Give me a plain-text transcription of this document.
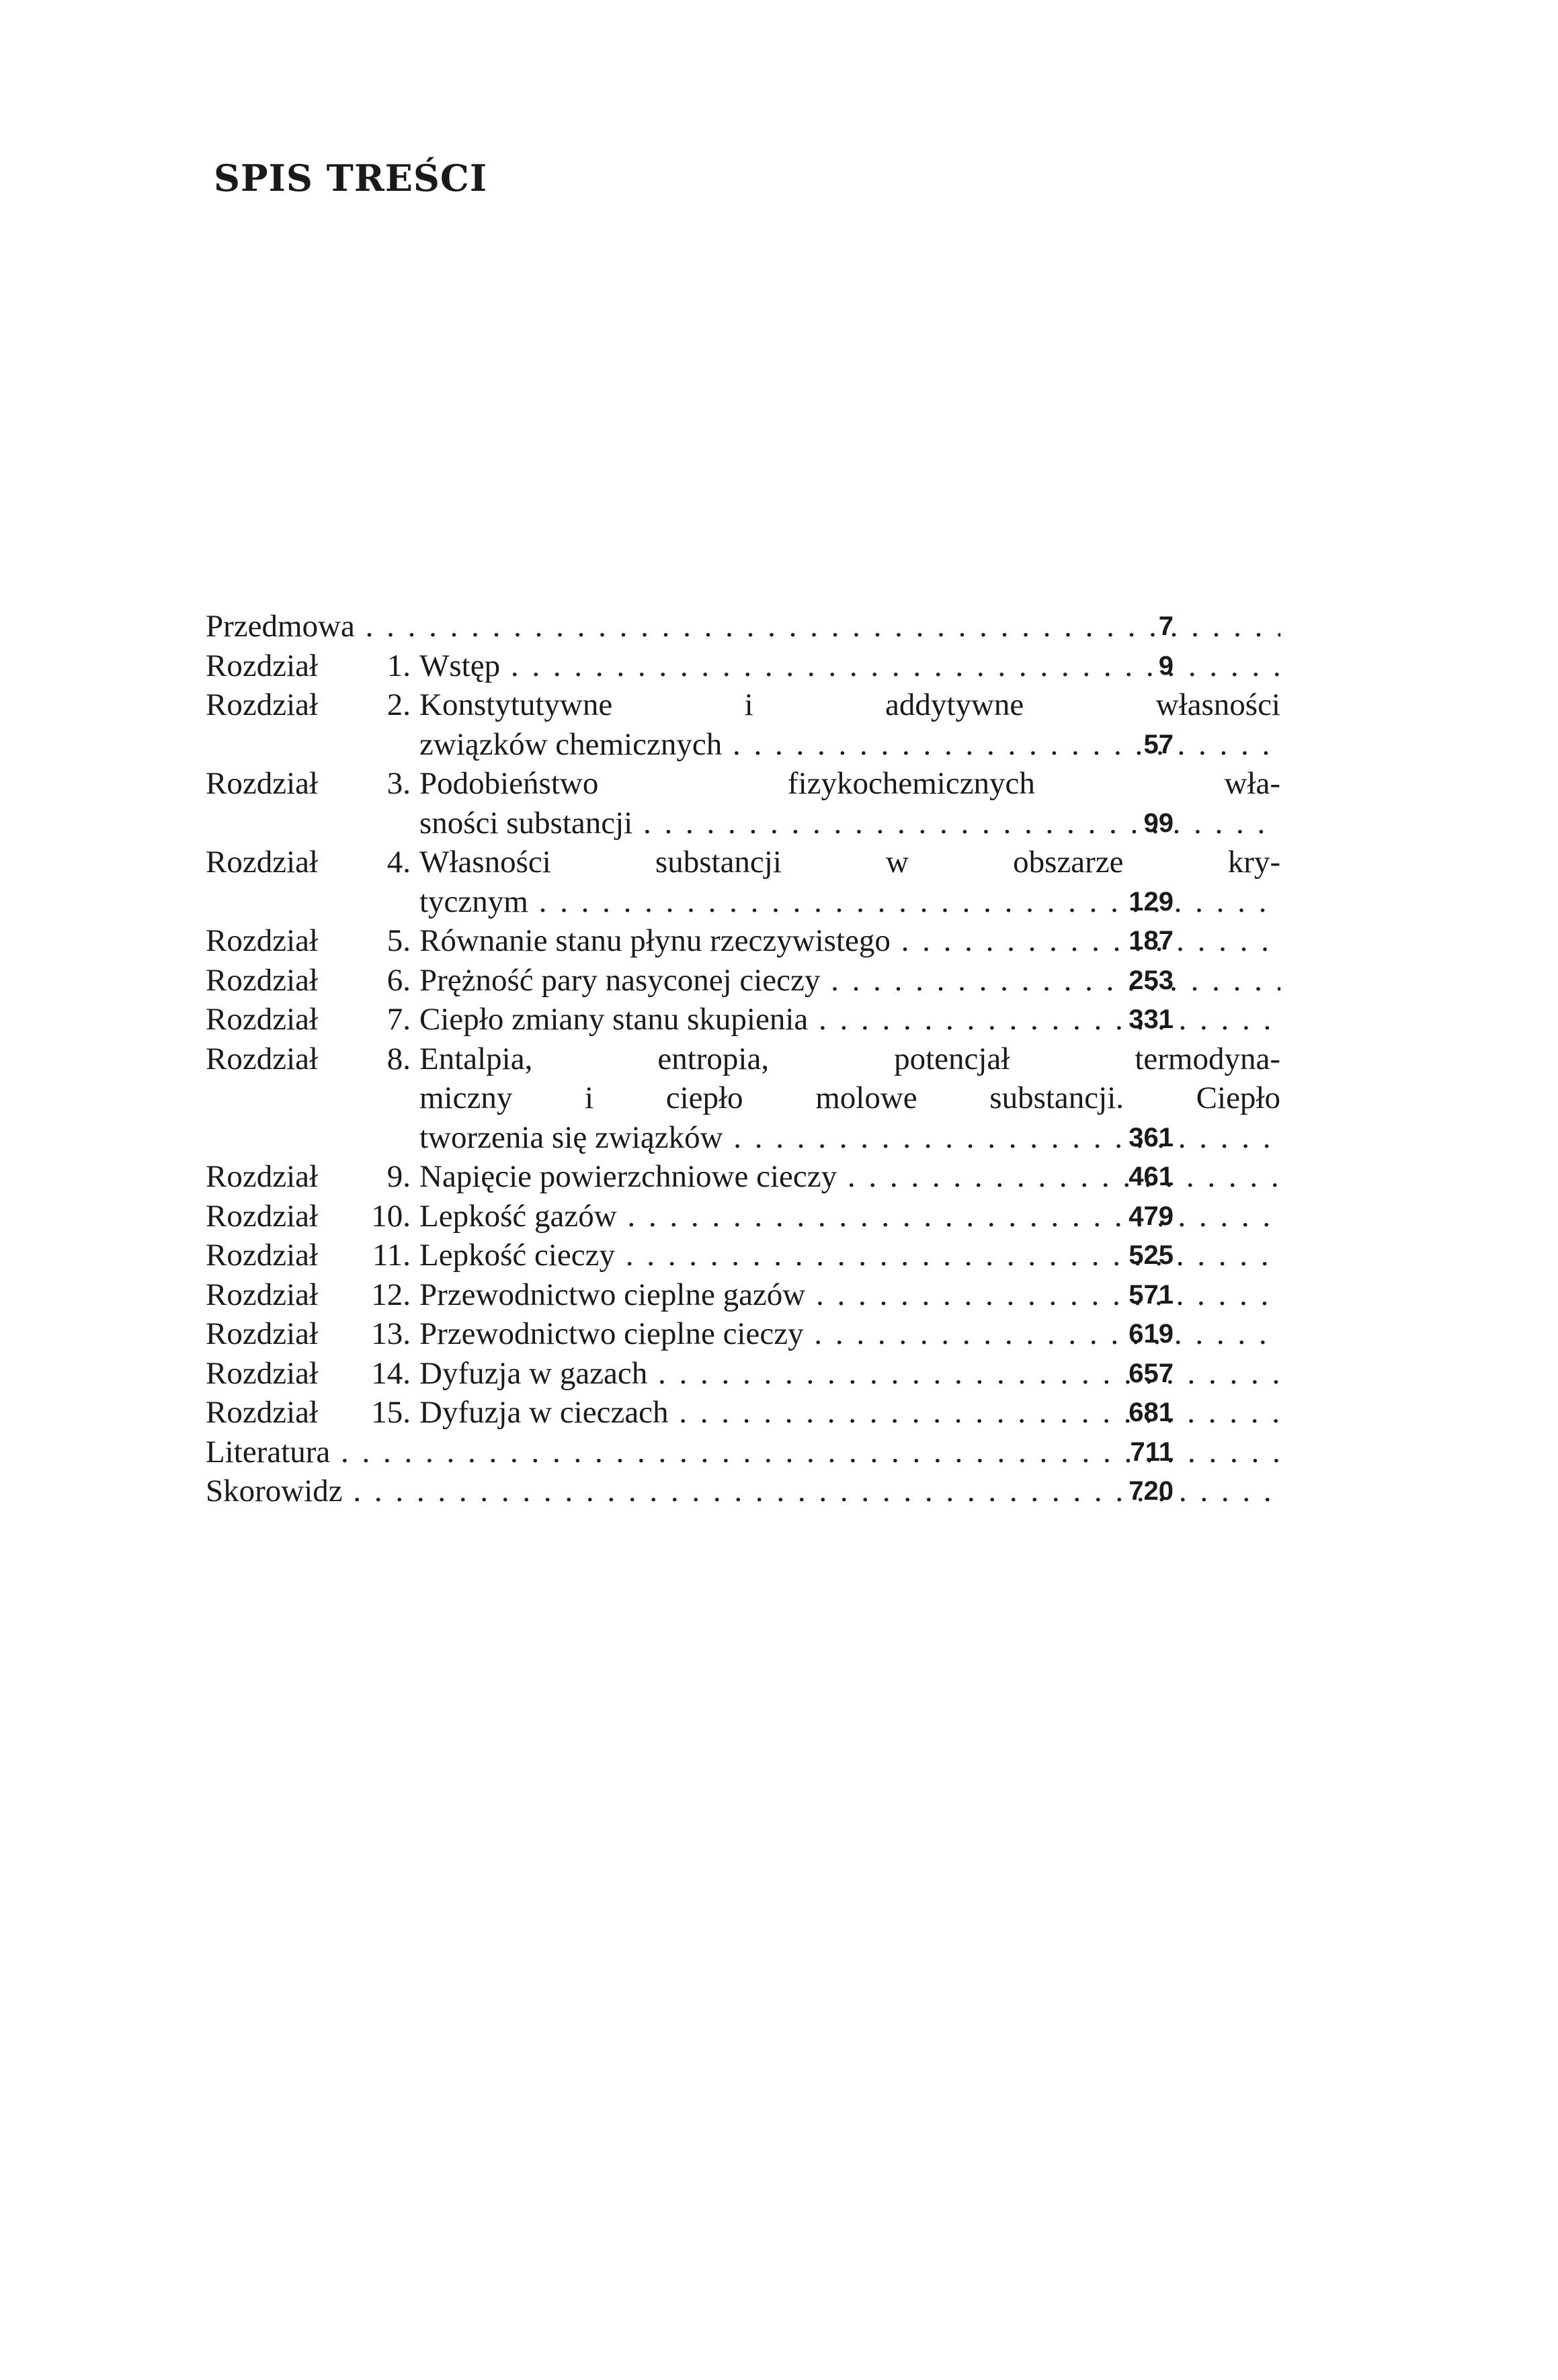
SPIS TREŚCI
Przedmowa . .	7
Rozdział	1. Wstęp . .	9
Rozdział	2. Konstytutywne i addytywne własności
związków chemicznych . .	57
Rozdział	3. Podobieństwo fizykochemicznych wła-
sności substancji . .	99
Rozdział	4. Własności substancji w obszarze kry-
tycznym . .	129
Rozdział	5. Równanie stanu płynu rzeczywistego . .	187
Rozdział	6. Prężność pary nasyconej cieczy . .	253
Rozdział	7. Ciepło zmiany stanu skupienia . .	331
Rozdział	8. Entalpia, entropia, potencjał termodyna-
miczny i ciepło molowe substancji. Ciepło
tworzenia się związków . .	361
Rozdział	9. Napięcie powierzchniowe cieczy . .	461
Rozdział	10. Lepkość gazów . .	479
Rozdział	11. Lepkość cieczy . .	525
Rozdział	12. Przewodnictwo cieplne gazów . .	571
Rozdział	13. Przewodnictwo cieplne cieczy . .	619
Rozdział	14. Dyfuzja w gazach . .	657
Rozdział	15. Dyfuzja w cieczach . .	681
Literatura . .	711
Skorowidz . .	720
